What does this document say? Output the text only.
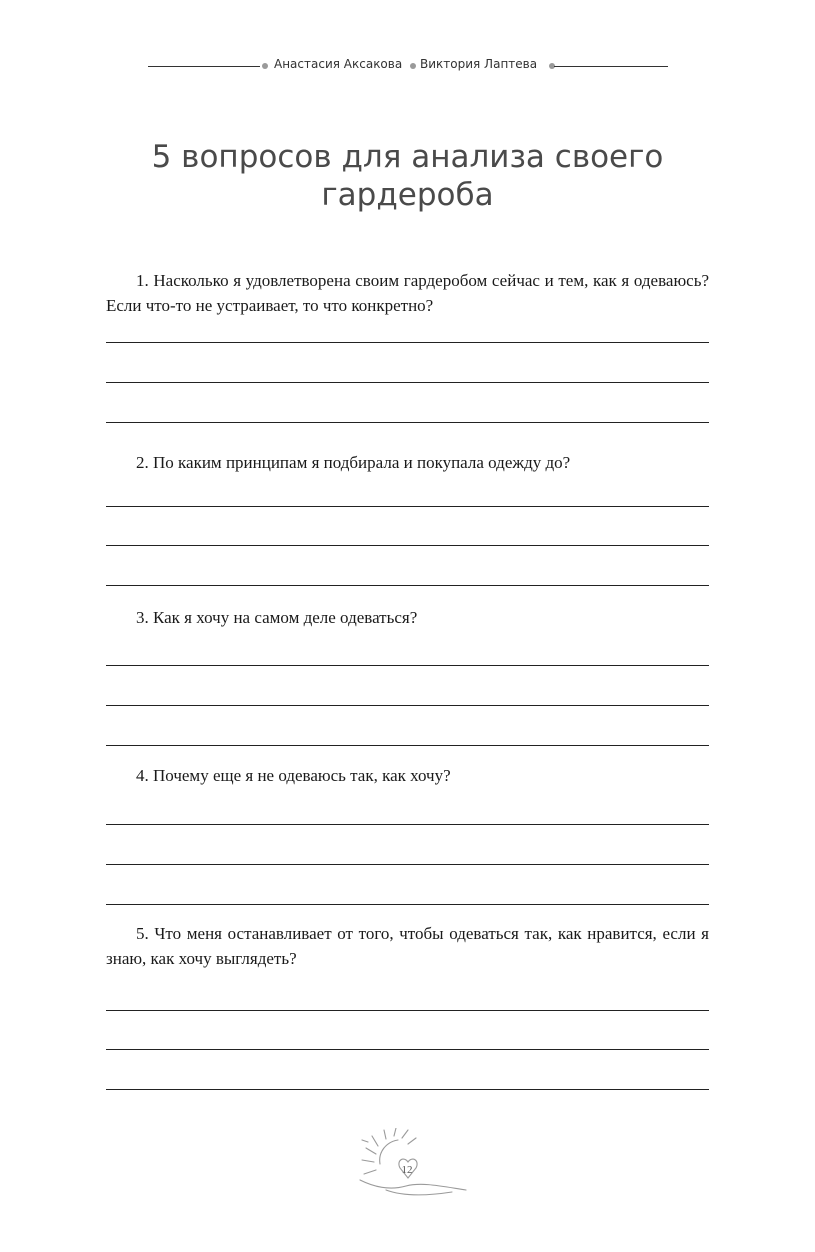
Анастасия Аксакова Виктория Лаптева
5 вопросов для анализа своего
гардероба

1. Насколько я удовлетворена своим гардеробом сейчас и тем, как я одеваюсь? Если что-то не устраивает, то что конкретно?

2. По каким принципам я подбирала и покупала одежду до?

3. Как я хочу на самом деле одеваться?

4. Почему еще я не одеваюсь так, как хочу?

5. Что меня останавливает от того, чтобы одеваться так, как нравится, если я знаю, как хочу выглядеть?

12
